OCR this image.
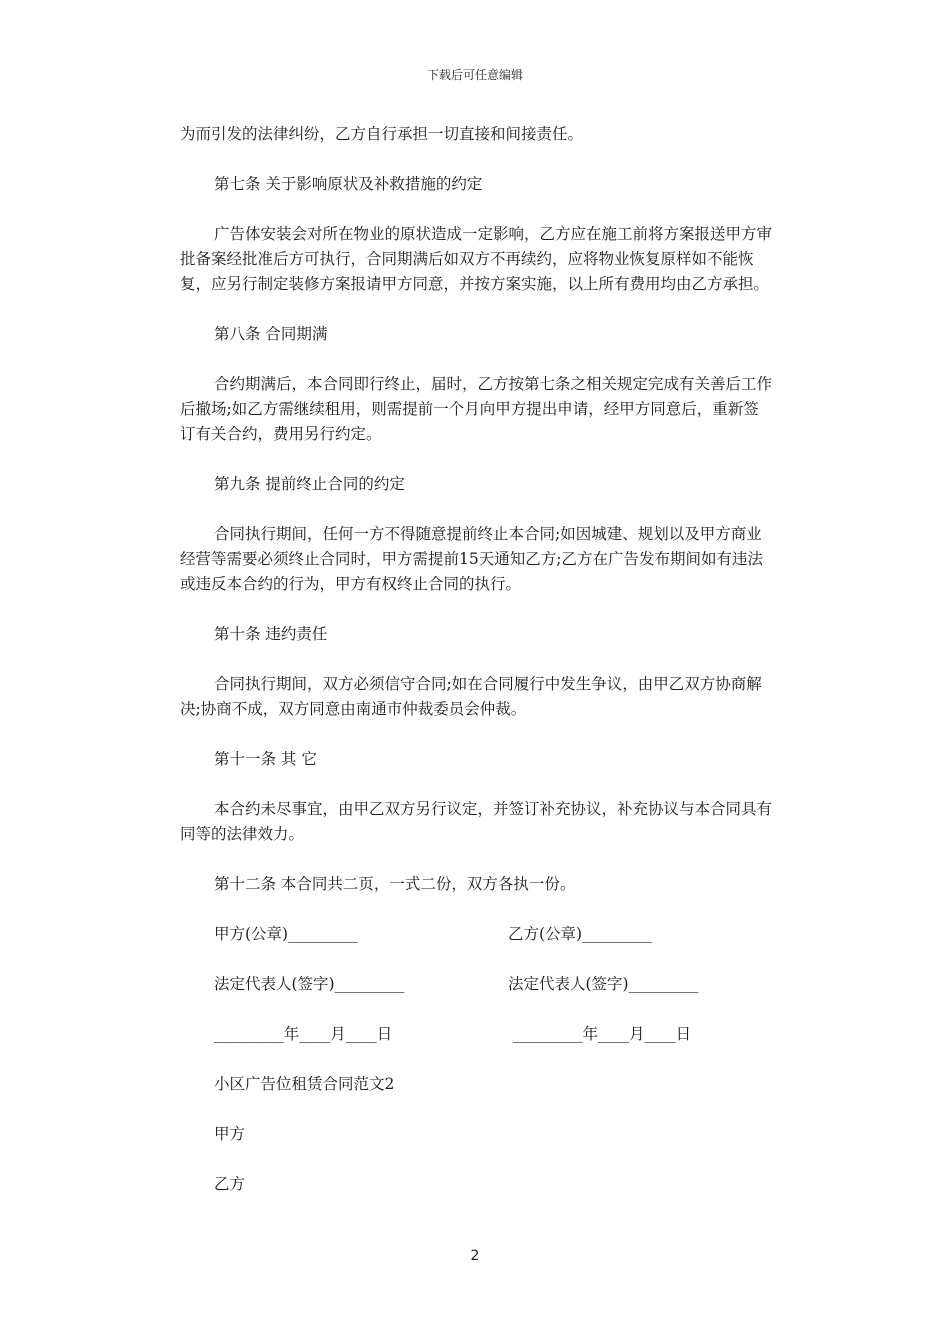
下载后可任意编辑

为而引发的法律纠纷，乙方自行承担一切直接和间接责任。

第七条 关于影响原状及补救措施的约定

广告体安装会对所在物业的原状造成一定影响，乙方应在施工前将方案报送甲方审批备案经批准后方可执行，合同期满后如双方不再续约，应将物业恢复原样如不能恢复，应另行制定装修方案报请甲方同意，并按方案实施，以上所有费用均由乙方承担。

第八条 合同期满

合约期满后，本合同即行终止，届时，乙方按第七条之相关规定完成有关善后工作后撤场;如乙方需继续租用，则需提前一个月向甲方提出申请，经甲方同意后，重新签订有关合约，费用另行约定。

第九条 提前终止合同的约定

合同执行期间，任何一方不得随意提前终止本合同;如因城建、规划以及甲方商业经营等需要必须终止合同时，甲方需提前15天通知乙方;乙方在广告发布期间如有违法或违反本合约的行为，甲方有权终止合同的执行。

第十条 违约责任

合同执行期间，双方必须信守合同;如在合同履行中发生争议，由甲乙双方协商解决;协商不成，双方同意由南通市仲裁委员会仲裁。

第十一条 其 它

本合约未尽事宜，由甲乙双方另行议定，并签订补充协议，补充协议与本合同具有同等的法律效力。

第十二条 本合同共二页，一式二份，双方各执一份。

甲方(公章)_________	乙方(公章)_________
法定代表人(签字)_________	法定代表人(签字)_________
_________年____月____日	_________年____月____日

小区广告位租赁合同范文2

甲方

乙方

2
